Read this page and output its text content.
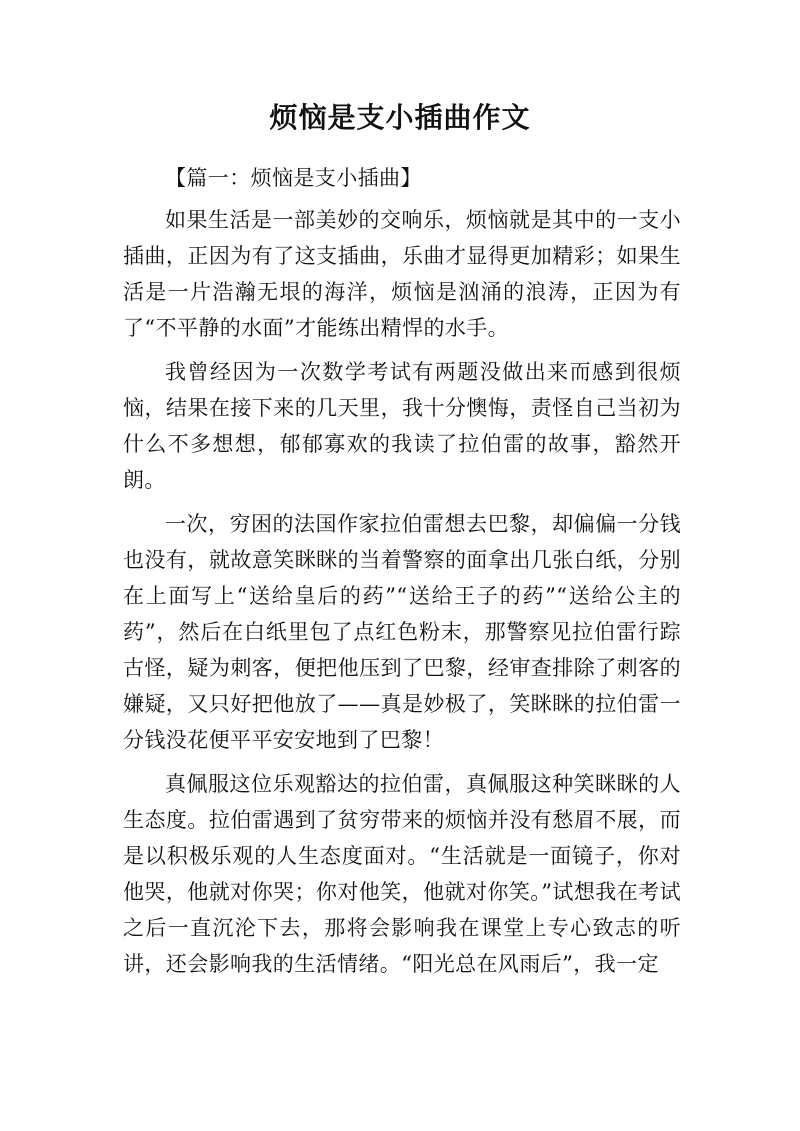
烦恼是支小插曲作文

【篇一：烦恼是支小插曲】

如果生活是一部美妙的交响乐，烦恼就是其中的一支小插曲，正因为有了这支插曲，乐曲才显得更加精彩；如果生活是一片浩瀚无垠的海洋，烦恼是汹涌的浪涛，正因为有了“不平静的水面”才能练出精悍的水手。

我曾经因为一次数学考试有两题没做出来而感到很烦恼，结果在接下来的几天里，我十分懊悔，责怪自己当初为什么不多想想，郁郁寡欢的我读了拉伯雷的故事，豁然开朗。

一次，穷困的法国作家拉伯雷想去巴黎，却偏偏一分钱也没有，就故意笑眯眯的当着警察的面拿出几张白纸，分别在上面写上“送给皇后的药”“送给王子的药”“送给公主的药”，然后在白纸里包了点红色粉末，那警察见拉伯雷行踪古怪，疑为刺客，便把他压到了巴黎，经审查排除了刺客的嫌疑，又只好把他放了——真是妙极了，笑眯眯的拉伯雷一分钱没花便平平安安地到了巴黎！

真佩服这位乐观豁达的拉伯雷，真佩服这种笑眯眯的人生态度。拉伯雷遇到了贫穷带来的烦恼并没有愁眉不展，而是以积极乐观的人生态度面对。“生活就是一面镜子，你对他哭，他就对你哭；你对他笑，他就对你笑。”试想我在考试之后一直沉沦下去，那将会影响我在课堂上专心致志的听讲，还会影响我的生活情绪。“阳光总在风雨后”，我一定
